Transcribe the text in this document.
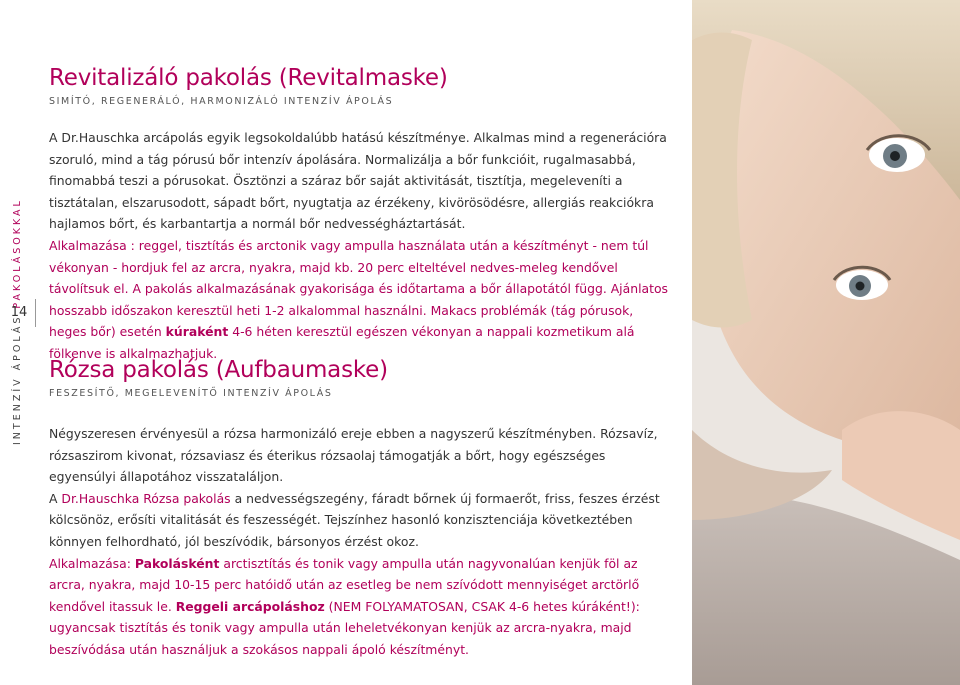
INTENZÍV ÁPOLÁS PAKOLÁSOKKAL
14
Revitalizáló pakolás (Revitalmaske)
SIMÍTÓ, REGENERÁLÓ, HARMONIZÁLÓ INTENZÍV ÁPOLÁS

A Dr.Hauschka arcápolás egyik legsokoldalúbb hatású készítménye. Alkalmas mind a regenerációra szoruló, mind a tág pórusú bőr intenzív ápolására. Normalizálja a bőr funkcióit, rugalmasabbá, finomabbá teszi a pórusokat. Ösztönzi a száraz bőr saját aktivitását, tisztítja, megeleveníti a tisztátalan, elszarusodott, sápadt bőrt, nyugtatja az érzékeny, kivörösödésre, allergiás reakciókra hajlamos bőrt, és karbantartja a normál bőr nedvességháztartását.

Alkalmazása : reggel, tisztítás és arctonik vagy ampulla használata után a készítményt - nem túl vékonyan - hordjuk fel az arcra, nyakra, majd kb. 20 perc elteltével nedves-meleg kendővel távolítsuk el. A pakolás alkalmazásának gyakorisága és időtartama a bőr állapotától függ. Ajánlatos hosszabb időszakon keresztül heti 1-2 alkalommal használni. Makacs problémák (tág pórusok, heges bőr) esetén kúraként 4-6 héten keresztül egészen vékonyan a nappali kozmetikum alá fölkenve is alkalmazhatjuk.

Rózsa pakolás (Aufbaumaske)
FESZESÍTŐ, MEGELEVENÍTŐ INTENZÍV ÁPOLÁS

Négyszeresen érvényesül a rózsa harmonizáló ereje ebben a nagyszerű készítményben. Rózsavíz, rózsaszirom kivonat, rózsaviasz és éterikus rózsaolaj támogatják a bőrt, hogy egészséges egyensúlyi állapotához visszataláljon.

A Dr.Hauschka Rózsa pakolás a nedvességszegény, fáradt bőrnek új formaerőt, friss, feszes érzést kölcsönöz, erősíti vitalitását és feszességét. Tejszínhez hasonló konzisztenciája következtében könnyen felhordható, jól beszívódik, bársonyos érzést okoz.

Alkalmazása: Pakolásként arctisztítás és tonik vagy ampulla után nagyvonalúan kenjük föl az arcra, nyakra, majd 10-15 perc hatóidő után az esetleg be nem szívódott mennyiséget arctörlő kendővel itassuk le. Reggeli arcápoláshoz (NEM FOLYAMATOSAN, CSAK 4-6 hetes kúráként!): ugyancsak tisztítás és tonik vagy ampulla után leheletvékonyan kenjük az arcra-nyakra, majd beszívódása után használjuk a szokásos nappali ápoló készítményt.
